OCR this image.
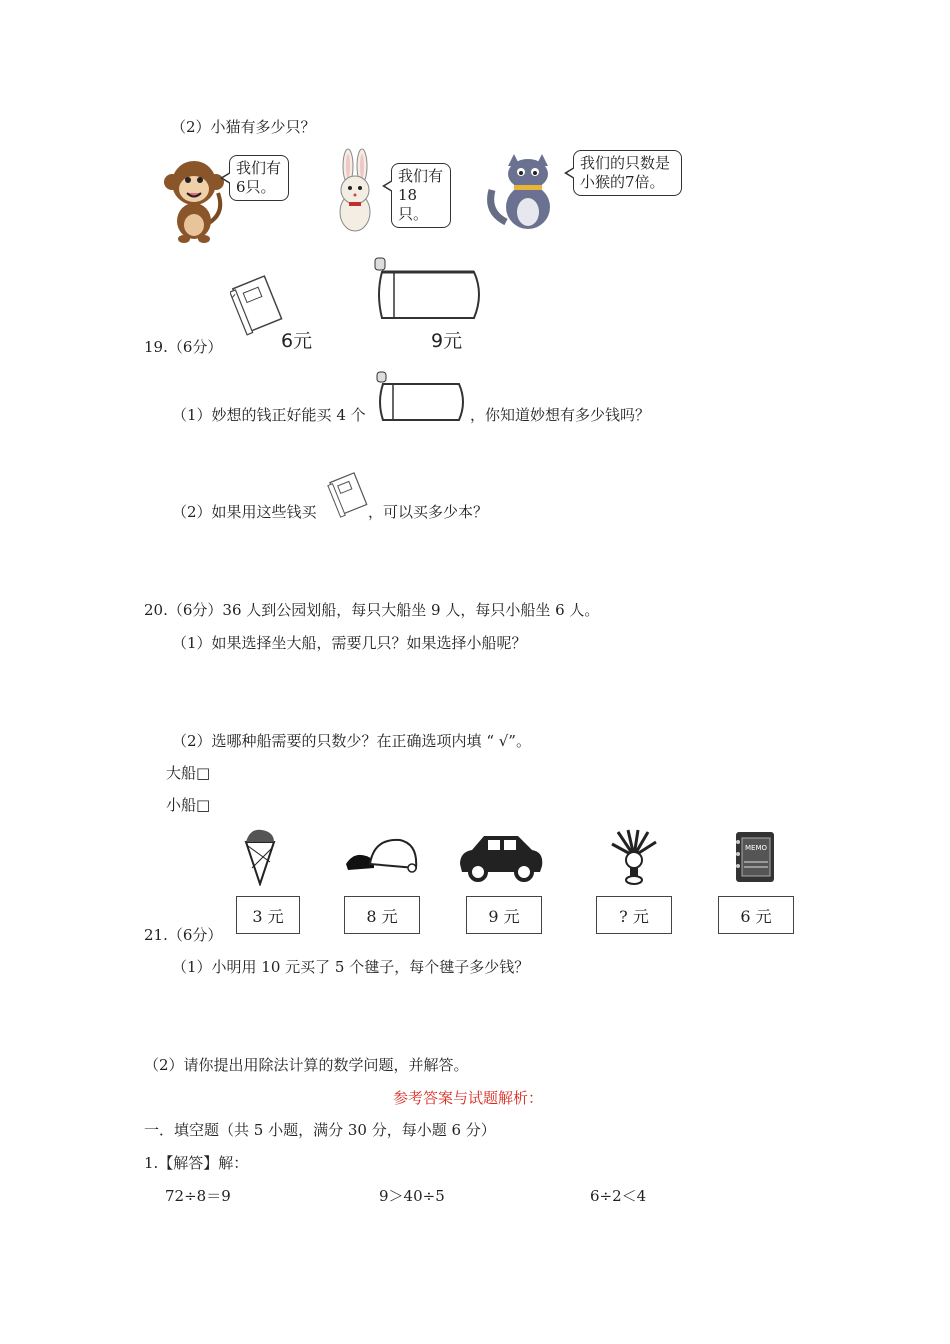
（2）小猫有多少只？
我们有
6只。
我们有
18只。
我们的只数是
小猴的7倍。
6元	9元
19.（6分）
（1）妙想的钱正好能买 4 个	，你知道妙想有多少钱吗？
（2）如果用这些钱买	，可以买多少本？
20.（6分）36 人到公园划船，每只大船坐 9 人，每只小船坐 6 人。
（1）如果选择坐大船，需要几只？如果选择小船呢？
（2）选哪种船需要的只数少？在正确选项内填 “ √”。
大船□
小船□
MEMO
3 元	8 元	9 元	? 元	6 元
21.（6分）
（1）小明用 10 元买了 5 个毽子，每个毽子多少钱？
（2）请你提出用除法计算的数学问题，并解答。
参考答案与试题解析：
一．填空题（共 5 小题，满分 30 分，每小题 6 分）
1.【解答】解：
72÷8＝9	9＞40÷5	6÷2＜4
